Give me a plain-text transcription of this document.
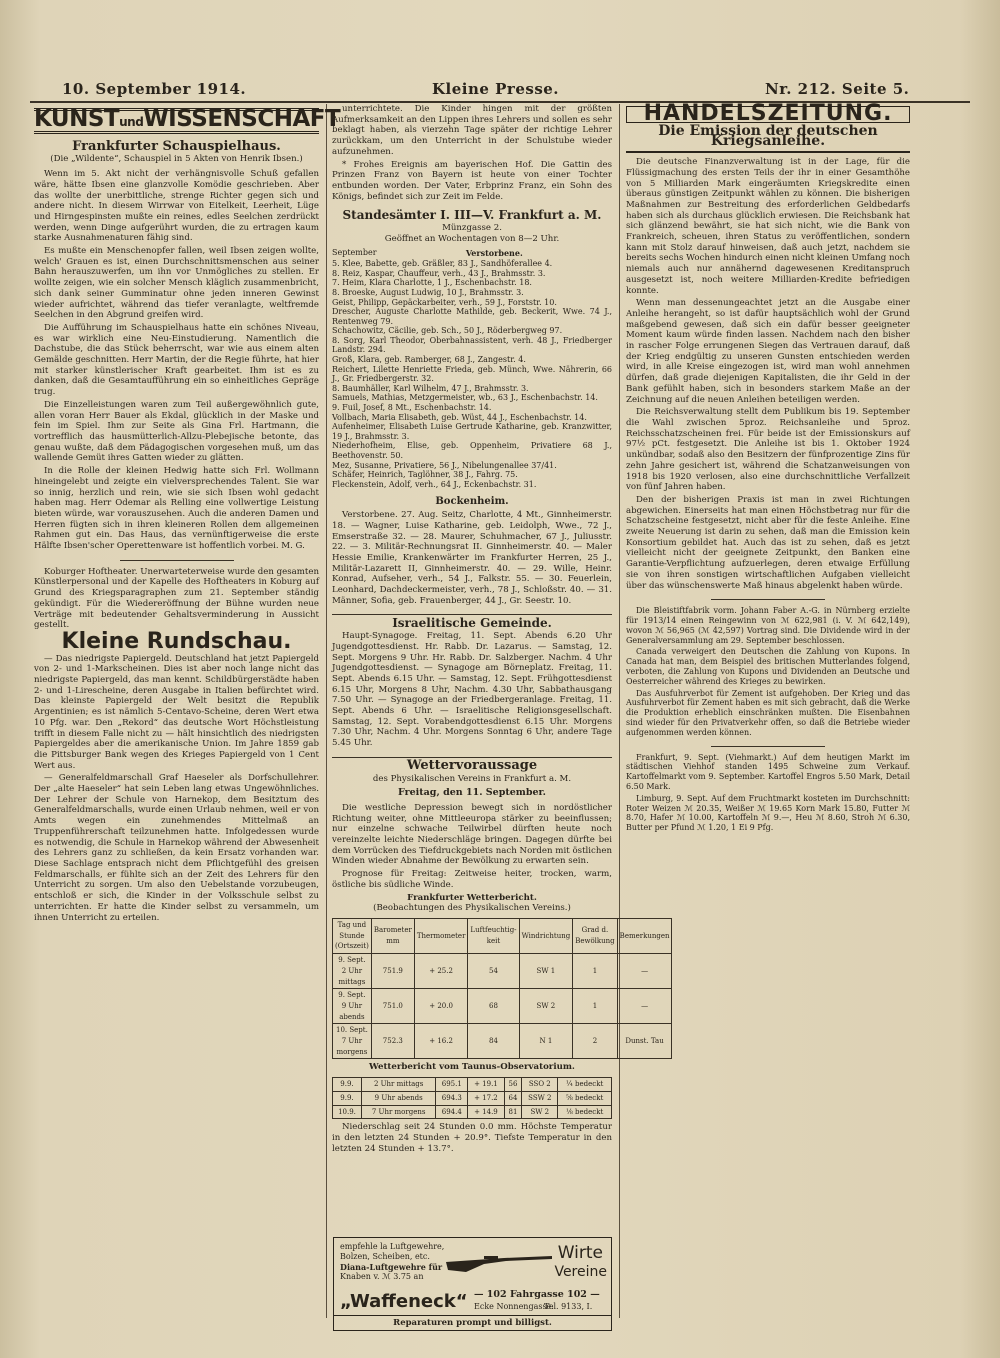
10. September 1914.	Kleine Presse.	Nr. 212. Seite 5.
KUNSTundWISSENSCHAFT
Frankfurter Schauspielhaus.
(Die „Wildente“, Schauspiel in 5 Akten von Henrik Ibsen.)

Wenn im 5. Akt nicht der verhängnisvolle Schuß gefallen wäre, hätte Ibsen eine glanzvolle Komödie geschrieben. Aber das wollte der unerbittliche, strenge Richter gegen sich und andere nicht. In diesem Wirrwar von Eitelkeit, Leerheit, Lüge und Hirngespinsten mußte ein reines, edles Seelchen zerdrückt werden, wenn Dinge aufgerührt wurden, die zu ertragen kaum starke Ausnahmenaturen fähig sind.

Es mußte ein Menschenopfer fallen, weil Ibsen zeigen wollte, welch' Grauen es ist, einen Durchschnittsmenschen aus seiner Bahn herauszuwerfen, um ihn vor Unmögliches zu stellen. Er wollte zeigen, wie ein solcher Mensch kläglich zusammenbricht, sich dank seiner Gumminatur ohne jeden inneren Gewinst wieder aufrichtet, während das tiefer veranlagte, weltfremde Seelchen in den Abgrund greifen wird.

Die Aufführung im Schauspielhaus hatte ein schönes Niveau, es war wirklich eine Neu-Einstudierung. Namentlich die Dachstube, die das Stück beherrscht, war wie aus einem alten Gemälde geschnitten. Herr Martin, der die Regie führte, hat hier mit starker künstlerischer Kraft gearbeitet. Ihm ist es zu danken, daß die Gesamtaufführung ein so einheitliches Gepräge trug.

Die Einzelleistungen waren zum Teil außergewöhnlich gute, allen voran Herr Bauer als Ekdal, glücklich in der Maske und fein im Spiel. Ihm zur Seite als Gina Frl. Hartmann, die vortrefflich das hausmütterlich-Allzu-Plebejische betonte, das genau wußte, daß dem Pädagogischen vorgesehen muß, um das wallende Gemüt ihres Gatten wieder zu glätten.

In die Rolle der kleinen Hedwig hatte sich Frl. Wollmann hineingelebt und zeigte ein vielversprechendes Talent. Sie war so innig, herzlich und rein, wie sie sich Ibsen wohl gedacht haben mag. Herr Odemar als Relling eine vollwertige Leistung bieten würde, war vorauszusehen. Auch die anderen Damen und Herren fügten sich in ihren kleineren Rollen dem allgemeinen Rahmen gut ein. Das Haus, das vernünftigerweise die erste Hälfte Ibsen'scher Operettenware ist hoffentlich vorbei. M. G.

Koburger Hoftheater. Unerwarteterweise wurde den gesamten Künstlerpersonal und der Kapelle des Hoftheaters in Koburg auf Grund des Kriegsparagraphen zum 21. September ständig gekündigt. Für die Wiedereröffnung der Bühne wurden neue Verträge mit bedeutender Gehaltsverminderung in Aussicht gestellt.

Kleine Rundschau.

— Das niedrigste Papiergeld. Deutschland hat jetzt Papiergeld von 2- und 1-Markscheinen. Dies ist aber noch lange nicht das niedrigste Papiergeld, das man kennt. Schildbürgerstädte haben 2- und 1-Lirescheine, deren Ausgabe in Italien befürchtet wird. Das kleinste Papiergeld der Welt besitzt die Republik Argentinien; es ist nämlich 5-Centavo-Scheine, deren Wert etwa 10 Pfg. war. Den „Rekord“ das deutsche Wort Höchstleistung trifft in diesem Falle nicht zu — hält hinsichtlich des niedrigsten Papiergeldes aber die amerikanische Union. Im Jahre 1859 gab die Pittsburger Bank wegen des Krieges Papiergeld von 1 Cent Wert aus.

— Generalfeldmarschall Graf Haeseler als Dorfschullehrer. Der „alte Haeseler“ hat sein Leben lang etwas Ungewöhnliches. Der Lehrer der Schule von Harnekop, dem Besitztum des Generalfeldmarschalls, wurde einen Urlaub nehmen, weil er von Amts wegen ein zunehmendes Mittelmaß an Truppenführerschaft teilzunehmen hatte. Infolgedessen wurde es notwendig, die Schule in Harnekop während der Abwesenheit des Lehrers ganz zu schließen, da kein Ersatz vorhanden war. Diese Sachlage entsprach nicht dem Pflichtgefühl des greisen Feldmarschalls, er fühlte sich an der Zeit des Lehrers für den Unterricht zu sorgen. Um also den Uebelstande vorzubeugen, entschloß er sich, die Kinder in der Volksschule selbst zu unterrichten. Er hatte die Kinder selbst zu versammeln, um ihnen Unterricht zu erteilen.

unterrichtete. Die Kinder hingen mit der größten Aufmerksamkeit an den Lippen ihres Lehrers und sollen es sehr beklagt haben, als vierzehn Tage später der richtige Lehrer zurückkam, um den Unterricht in der Schulstube wieder aufzunehmen.

* Frohes Ereignis am bayerischen Hof. Die Gattin des Prinzen Franz von Bayern ist heute von einer Tochter entbunden worden. Der Vater, Erbprinz Franz, ein Sohn des Königs, befindet sich zur Zeit im Felde.

Standesämter I. III—V. Frankfurt a. M.
Münzgasse 2.
Geöffnet an Wochentagen von 8—2 Uhr.
September	Verstorbene.
5. Klee, Babette, geb. Gräßler, 83 J., Sandhöferallee 4.
8. Reiz, Kaspar, Chauffeur, verh., 43 J., Brahmsstr. 3.
7. Heim, Klara Charlotte, 1 J., Eschenbachstr. 18.
8. Broeske, August Ludwig, 10 J., Brahmsstr. 3.
Geist, Philipp, Gepäckarbeiter, verh., 59 J., Forststr. 10.
Drescher, Auguste Charlotte Mathilde, geb. Beckerit, Wwe. 74 J., Rentenweg 79.
Schachowitz, Cäcilie, geb. Sch., 50 J., Röderbergweg 97.
8. Sorg, Karl Theodor, Oberbahnassistent, verh. 48 J., Friedberger Landstr. 294.
Groß, Klara, geb. Ramberger, 68 J., Zangestr. 4.
Reichert, Lilette Henriette Frieda, geb. Münch, Wwe. Nährerin, 66 J., Gr. Friedbergerstr. 32.
8. Baumhäller, Karl Wilhelm, 47 J., Brahmsstr. 3.
Samuels, Mathias, Metzgermeister, wb., 63 J., Eschenbachstr. 14.
9. Fuil, Josef, 8 Mt., Eschenbachstr. 14.
Vollbach, Maria Elisabeth, geb. Wüst, 44 J., Eschenbachstr. 14.
Aufenheimer, Elisabeth Luise Gertrude Katharine, geb. Kranzwitter, 19 J., Brahmsstr. 3.
Niederhofheim, Elise, geb. Oppenheim, Privatiere 68 J., Beethovenstr. 50.
Mez, Susanne, Privatiere, 56 J., Nibelungenallee 37/41.
Schäfer, Heinrich, Taglöhner, 38 J., Fahrg. 75.
Fleckenstein, Adolf, verh., 64 J., Eckenbachstr. 31.
Bockenheim.

Verstorbene. 27. Aug. Seitz, Charlotte, 4 Mt., Ginnheimerstr. 18. — Wagner, Luise Katharine, geb. Leidolph, Wwe., 72 J., Emserstraße 32. — 28. Maurer, Schuhmacher, 67 J., Juliusstr. 22. — 3. Militär-Rechnungsrat II. Ginnheimerstr. 40. — Maler Hessie Emilie, Krankenwärter im Frankfurter Herren, 25 J., Militär-Lazarett II, Ginnheimerstr. 40. — 29. Wille, Heinr. Konrad, Aufseher, verh., 54 J., Falkstr. 55. — 30. Feuerlein, Leonhard, Dachdeckermeister, verh., 78 J., Schloßstr. 40. — 31. Männer, Sofia, geb. Frauenberger, 44 J., Gr. Seestr. 10.

Israelitische Gemeinde.

Haupt-Synagoge. Freitag, 11. Sept. Abends 6.20 Uhr Jugendgottesdienst. Hr. Rabb. Dr. Lazarus. — Samstag, 12. Sept. Morgens 9 Uhr. Hr. Rabb. Dr. Salzberger. Nachm. 4 Uhr Jugendgottesdienst. — Synagoge am Börneplatz. Freitag, 11. Sept. Abends 6.15 Uhr. — Samstag, 12. Sept. Frühgottesdienst 6.15 Uhr, Morgens 8 Uhr, Nachm. 4.30 Uhr, Sabbathausgang 7.50 Uhr. — Synagoge an der Friedbergeranlage. Freitag, 11. Sept. Abends 6 Uhr. — Israelitische Religionsgesellschaft. Samstag, 12. Sept. Vorabendgottesdienst 6.15 Uhr. Morgens 7.30 Uhr, Nachm. 4 Uhr. Morgens Sonntag 6 Uhr, andere Tage 5.45 Uhr.

Wettervoraussage
des Physikalischen Vereins in Frankfurt a. M.
Freitag, den 11. September.

Die westliche Depression bewegt sich in nordöstlicher Richtung weiter, ohne Mittleeuropa stärker zu beeinflussen; nur einzelne schwache Teilwirbel dürften heute noch vereinzelte leichte Niederschläge bringen. Dagegen dürfte bei dem Vorrücken des Tiefdruckgebiets nach Norden mit östlichen Winden wieder Abnahme der Bewölkung zu erwarten sein.

Prognose für Freitag: Zeitweise heiter, trocken, warm, östliche bis südliche Winde.

Frankfurter Wetterbericht.
(Beobachtungen des Physikalischen Vereins.)
Tag und Stunde (Ortszeit)	Barometer mm	Thermometer	Luftfeuchtig-keit	Windrichtung	Grad d. Bewölkung	Bemerkungen
9. Sept. 2 Uhr mittags	751.9	+ 25.2	54	SW 1	1	—
9. Sept. 9 Uhr abends	751.0	+ 20.0	68	SW 2	1	—
10. Sept. 7 Uhr morgens	752.3	+ 16.2	84	N 1	2	Dunst. Tau
Wetterbericht vom Taunus-Observatorium.
9.9.	2 Uhr mittags	695.1	+ 19.1	56	SSO 2	¼ bedeckt
9.9.	9 Uhr abends	694.3	+ 17.2	64	SSW 2	⅝ bedeckt
10.9.	7 Uhr morgens	694.4	+ 14.9	81	SW 2	⅛ bedeckt

Niederschlag seit 24 Stunden 0.0 mm. Höchste Temperatur in den letzten 24 Stunden + 20.9°. Tiefste Temperatur in den letzten 24 Stunden + 13.7°.

empfehle la Luftgewehre,
Bolzen, Scheiben, etc.
Diana-Luftgewehre für
Knaben v. ℳ 3.75 an
Wirte
Vereine
„Waffeneck“ — 102 Fahrgasse 102 —
Ecke Nonnengasse.
Tel. 9133, I.
Reparaturen prompt und billigst.
HANDELSZEITUNG.
Die Emission der deutschen Kriegsanleihe.

Die deutsche Finanzverwaltung ist in der Lage, für die Flüssigmachung des ersten Teils der ihr in einer Gesamthöhe von 5 Milliarden Mark eingeräumten Kriegskredite einen überaus günstigen Zeitpunkt wählen zu können. Die bisherigen Maßnahmen zur Bestreitung des erforderlichen Geldbedarfs haben sich als durchaus glücklich erwiesen. Die Reichsbank hat sich glänzend bewährt, sie hat sich nicht, wie die Bank von Frankreich, scheuen, ihren Status zu veröffentlichen, sondern kann mit Stolz darauf hinweisen, daß auch jetzt, nachdem sie bereits sechs Wochen hindurch einen nicht kleinen Umfang noch niemals auch nur annähernd dagewesenen Kreditanspruch ausgesetzt ist, noch weitere Milliarden-Kredite befriedigen konnte.

Wenn man dessenungeachtet jetzt an die Ausgabe einer Anleihe herangeht, so ist dafür hauptsächlich wohl der Grund maßgebend gewesen, daß sich ein dafür besser geeigneter Moment kaum würde finden lassen. Nachdem nach den bisher in rascher Folge errungenen Siegen das Vertrauen darauf, daß der Krieg endgültig zu unseren Gunsten entschieden werden wird, in alle Kreise eingezogen ist, wird man wohl annehmen dürfen, daß grade diejenigen Kapitalisten, die ihr Geld in der Bank gefühlt haben, sich in besonders starkem Maße an der Zeichnung auf die neuen Anleihen beteiligen werden.

Die Reichsverwaltung stellt dem Publikum bis 19. September die Wahl zwischen 5proz. Reichsanleihe und 5proz. Reichsschatzscheinen frei. Für beide ist der Emissionskurs auf 97½ pCt. festgesetzt. Die Anleihe ist bis 1. Oktober 1924 unkündbar, sodaß also den Besitzern der fünfprozentige Zins für zehn Jahre gesichert ist, während die Schatzanweisungen von 1918 bis 1920 verlosen, also eine durchschnittliche Verfallzeit von fünf Jahren haben.

Den der bisherigen Praxis ist man in zwei Richtungen abgewichen. Einerseits hat man einen Höchstbetrag nur für die Schatzscheine festgesetzt, nicht aber für die feste Anleihe. Eine zweite Neuerung ist darin zu sehen, daß man die Emission kein Konsortium gebildet hat. Auch das ist zu sehen, daß es jetzt vielleicht nicht der geeignete Zeitpunkt, den Banken eine Garantie-Verpflichtung aufzuerlegen, deren etwaige Erfüllung sie von ihren sonstigen wirtschaftlichen Aufgaben vielleicht über das wünschenswerte Maß hinaus abgelenkt haben würde.

Die Bleistiftfabrik vorm. Johann Faber A.-G. in Nürnberg erzielte für 1913/14 einen Reingewinn von ℳ 622,981 (i. V. ℳ 642,149), wovon ℳ 56,965 (ℳ 42,597) Vortrag sind. Die Dividende wird in der Generalversammlung am 29. September beschlossen.

Canada verweigert den Deutschen die Zahlung von Kupons. In Canada hat man, dem Beispiel des britischen Mutterlandes folgend, verboten, die Zahlung von Kupons und Dividenden an Deutsche und Oesterreicher während des Krieges zu bewirken.

Das Ausfuhrverbot für Zement ist aufgehoben. Der Krieg und das Ausfuhrverbot für Zement haben es mit sich gebracht, daß die Werke die Produktion erheblich einschränken mußten. Die Eisenbahnen sind wieder für den Privatverkehr offen, so daß die Betriebe wieder aufgenommen werden können.

Frankfurt, 9. Sept. (Viehmarkt.) Auf dem heutigen Markt im städtischen Viehhof standen 1495 Schweine zum Verkauf. Kartoffelmarkt vom 9. September. Kartoffel Engros 5.50 Mark, Detail 6.50 Mark.

Limburg, 9. Sept. Auf dem Fruchtmarkt kosteten im Durchschnitt: Roter Weizen ℳ 20.35, Weißer ℳ 19.65 Korn Mark 15.80, Futter ℳ 8.70, Hafer ℳ 10.00, Kartoffeln ℳ 9.—, Heu ℳ 8.60, Stroh ℳ 6.30, Butter per Pfund ℳ 1.20, 1 Ei 9 Pfg.
